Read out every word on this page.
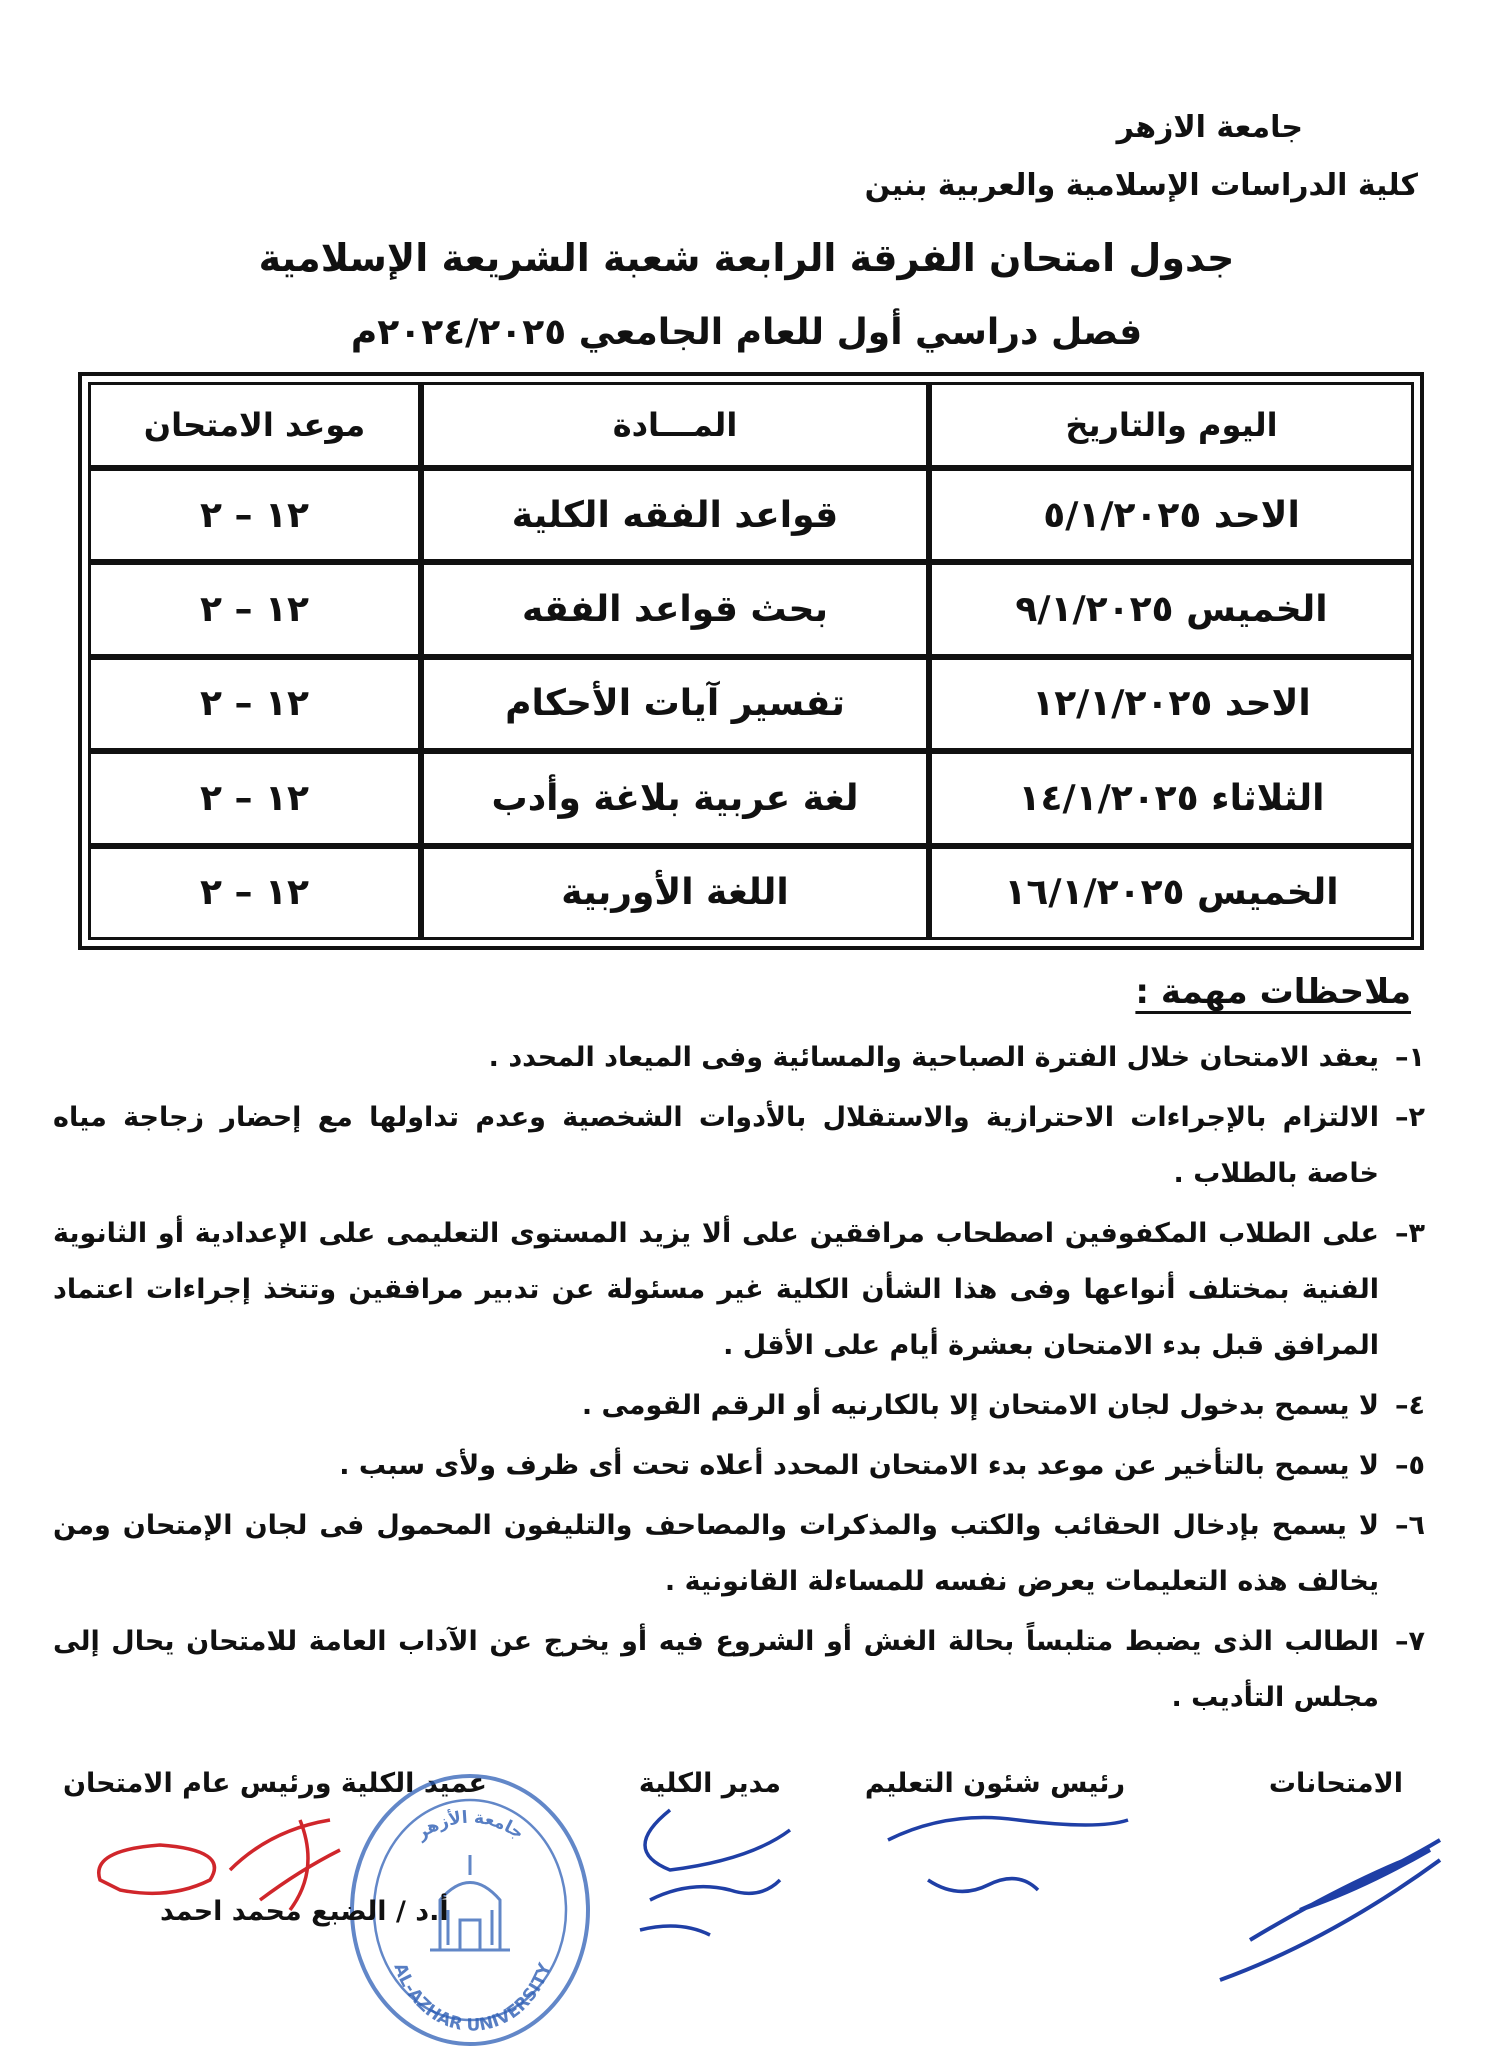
جامعة الازهر
كلية الدراسات الإسلامية والعربية بنين
جدول امتحان الفرقة الرابعة شعبة الشريعة الإسلامية
فصل دراسي أول للعام الجامعي ٢٠٢٤/٢٠٢٥م
اليوم والتاريخ	المـــادة	موعد الامتحان
الاحد ٥/١/٢٠٢٥	قواعد الفقه الكلية	١٢ – ٢
الخميس ٩/١/٢٠٢٥	بحث قواعد الفقه	١٢ – ٢
الاحد ١٢/١/٢٠٢٥	تفسير آيات الأحكام	١٢ – ٢
الثلاثاء ١٤/١/٢٠٢٥	لغة عربية بلاغة وأدب	١٢ – ٢
الخميس ١٦/١/٢٠٢٥	اللغة الأوربية	١٢ – ٢
ملاحظات مهمة :
١–
يعقد الامتحان خلال الفترة الصباحية والمسائية وفى الميعاد المحدد .
٢–
الالتزام بالإجراءات الاحترازية والاستقلال بالأدوات الشخصية وعدم تداولها مع إحضار زجاجة مياه خاصة بالطلاب .
٣–
على الطلاب المكفوفين اصطحاب مرافقين على ألا يزيد المستوى التعليمى على الإعدادية أو الثانوية الفنية بمختلف أنواعها وفى هذا الشأن الكلية غير مسئولة عن تدبير مرافقين وتتخذ إجراءات اعتماد المرافق قبل بدء الامتحان بعشرة أيام على الأقل .
٤–
لا يسمح بدخول لجان الامتحان إلا بالكارنيه أو الرقم القومى .
٥–
لا يسمح بالتأخير عن موعد بدء الامتحان المحدد أعلاه تحت أى ظرف ولأى سبب .
٦–
لا يسمح بإدخال الحقائب والكتب والمذكرات والمصاحف والتليفون المحمول فى لجان الإمتحان ومن يخالف هذه التعليمات يعرض نفسه للمساءلة القانونية .
٧–
الطالب الذى يضبط متلبساً بحالة الغش أو الشروع فيه أو يخرج عن الآداب العامة للامتحان يحال إلى مجلس التأديب .
الامتحانات
رئيس شئون التعليم
مدير الكلية
عميد الكلية ورئيس عام الامتحان
جامعة الأزهر
AL-AZHAR UNIVERSITY
أ.د / الضبع محمد احمد
